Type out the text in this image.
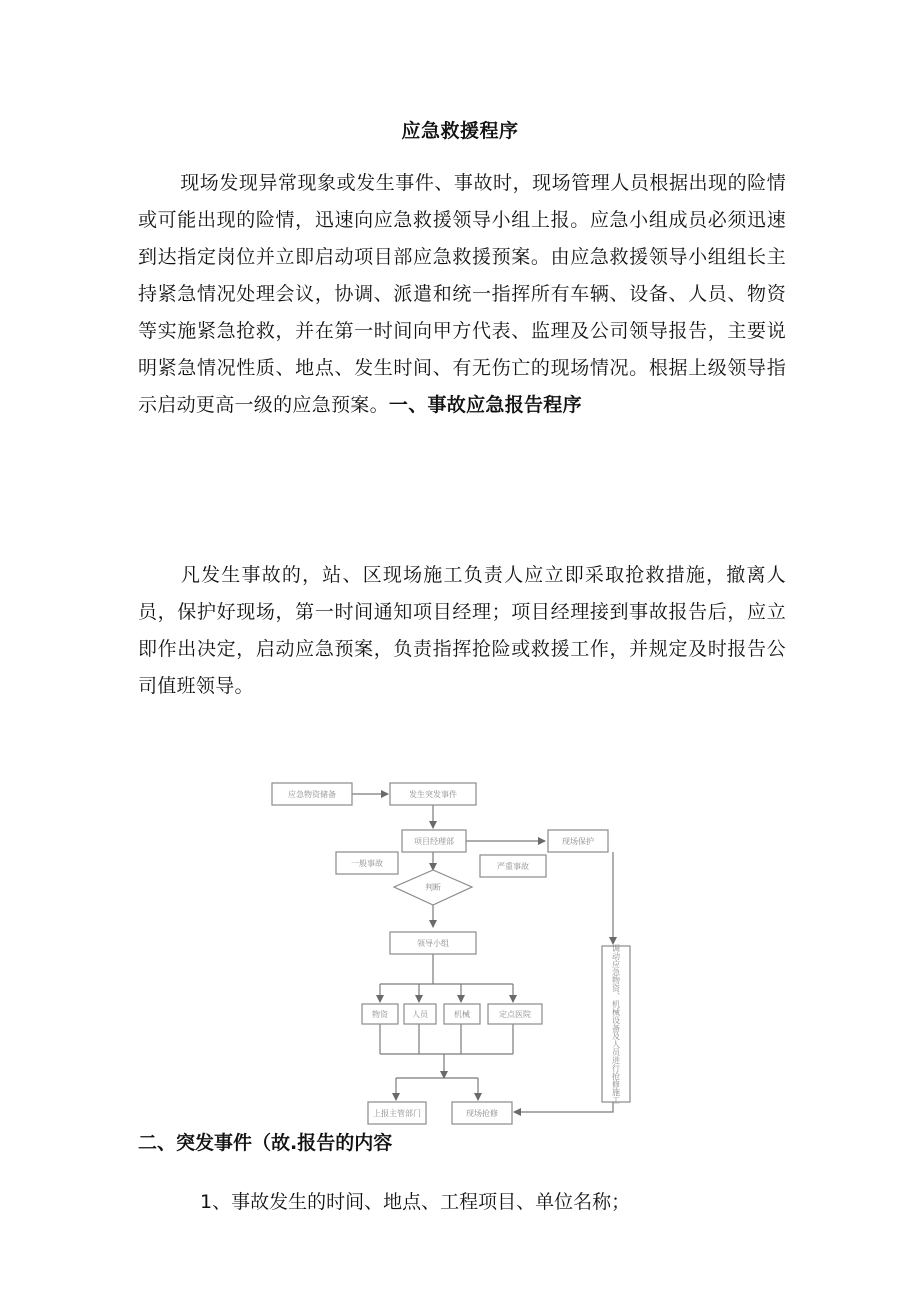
应急救援程序

现场发现异常现象或发生事件、事故时，现场管理人员根据出现的险情或可能出现的险情，迅速向应急救援领导小组上报。应急小组成员必须迅速到达指定岗位并立即启动项目部应急救援预案。由应急救援领导小组组长主持紧急情况处理会议，协调、派遣和统一指挥所有车辆、设备、人员、物资等实施紧急抢救，并在第一时间向甲方代表、监理及公司领导报告，主要说明紧急情况性质、地点、发生时间、有无伤亡的现场情况。根据上级领导指示启动更高一级的应急预案。一、事故应急报告程序

凡发生事故的，站、区现场施工负责人应立即采取抢救措施，撤离人员，保护好现场，第一时间通知项目经理；项目经理接到事故报告后，应立即作出决定，启动应急预案，负责指挥抢险或救援工作，并规定及时报告公司值班领导。

应急物资储备	发生突发事件
项目经理部	现场保护
一般事故	严重事故
判断
领导小组
物资	人员	机械	定点医院
上报主管部门	现场抢修
调动应急物资、机械设备及人员进行抢修施工
二、突发事件（故.报告的内容
1、事故发生的时间、地点、工程项目、单位名称；
